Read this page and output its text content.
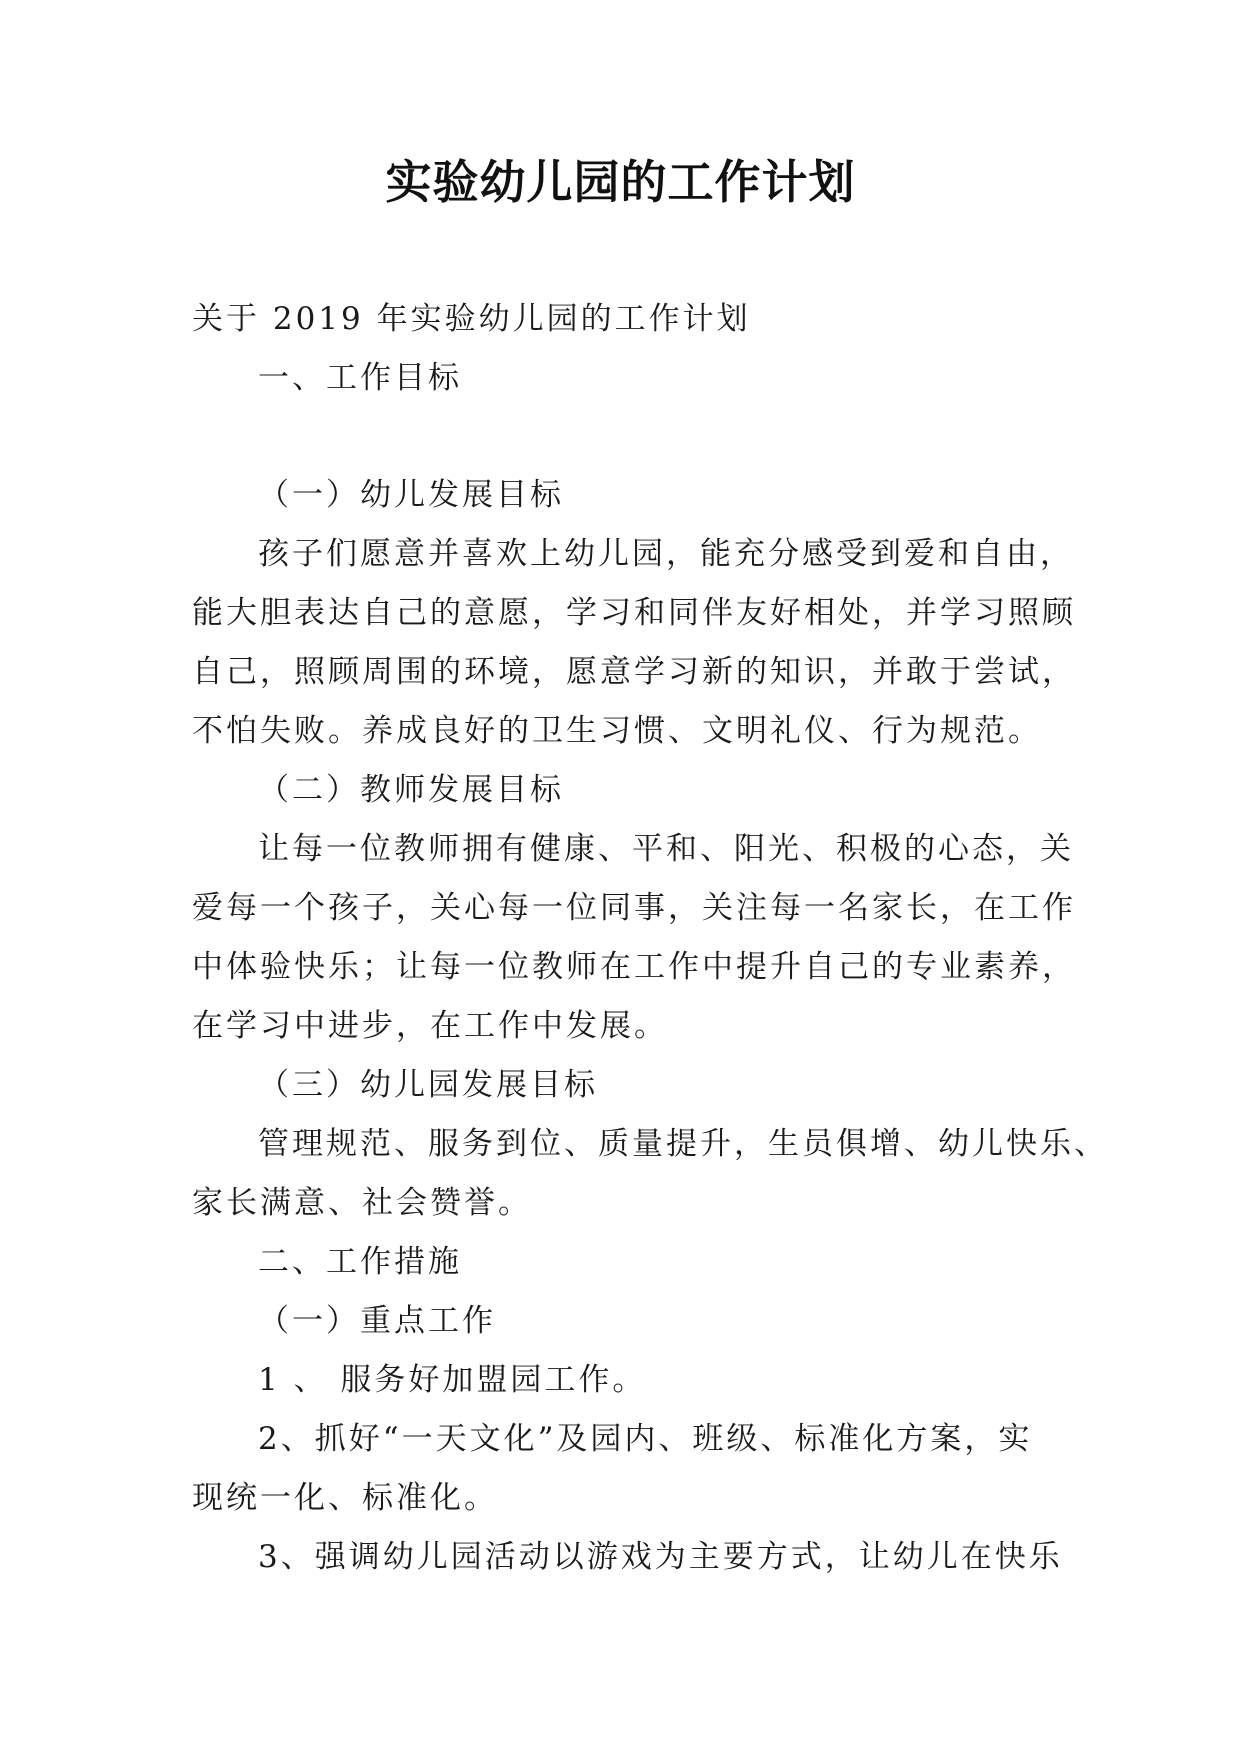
实验幼儿园的工作计划
关于 2019 年实验幼儿园的工作计划
一、工作目标
（一）幼儿发展目标
孩子们愿意并喜欢上幼儿园，能充分感受到爱和自由，
能大胆表达自己的意愿，学习和同伴友好相处，并学习照顾
自己，照顾周围的环境，愿意学习新的知识，并敢于尝试，
不怕失败。养成良好的卫生习惯、文明礼仪、行为规范。
（二）教师发展目标
让每一位教师拥有健康、平和、阳光、积极的心态，关
爱每一个孩子，关心每一位同事，关注每一名家长，在工作
中体验快乐；让每一位教师在工作中提升自己的专业素养，
在学习中进步，在工作中发展。
（三）幼儿园发展目标
管理规范、服务到位、质量提升，生员俱增、幼儿快乐、
家长满意、社会赞誉。
二、工作措施
（一）重点工作
1 、 服务好加盟园工作。
2、抓好“一天文化”及园内、班级、标准化方案，实
现统一化、标准化。
3、强调幼儿园活动以游戏为主要方式，让幼儿在快乐
